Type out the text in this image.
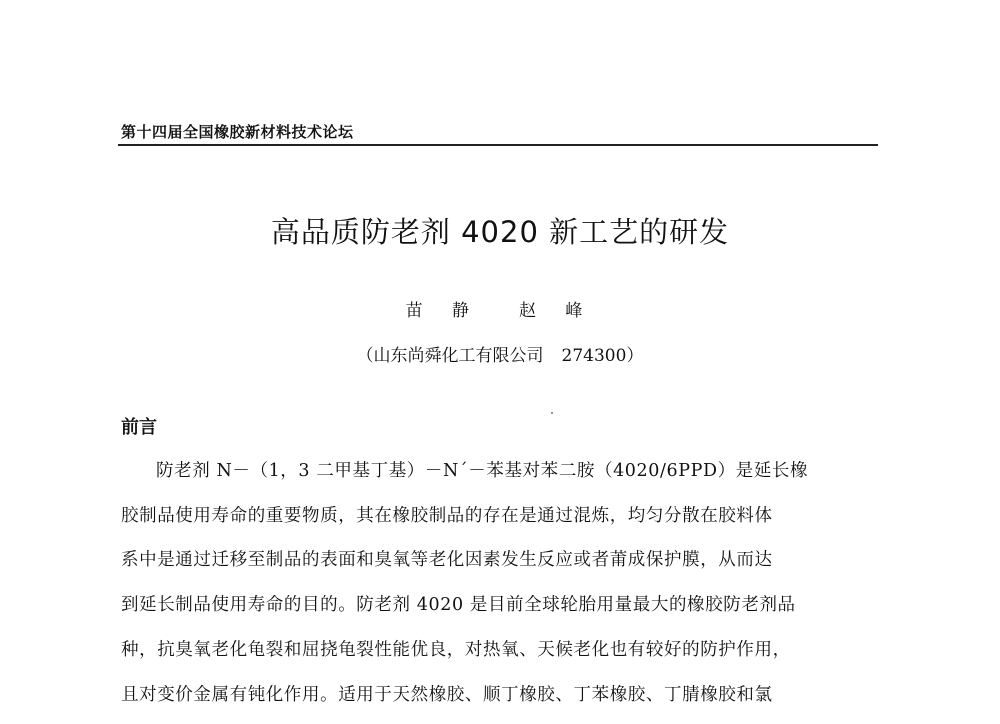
第十四届全国橡胶新材料技术论坛
高品质防老剂 4020 新工艺的研发
苗 静 赵 峰
（山东尚舜化工有限公司 274300）
前言
防老剂 N－（1，3 二甲基丁基）－N´－苯基对苯二胺（4020/6PPD）是延长橡
胶制品使用寿命的重要物质，其在橡胶制品的存在是通过混炼，均匀分散在胶料体
系中是通过迁移至制品的表面和臭氧等老化因素发生反应或者莆成保护膜，从而达
到延长制品使用寿命的目的。防老剂 4020 是目前全球轮胎用量最大的橡胶防老剂品
种，抗臭氧老化龟裂和屈挠龟裂性能优良，对热氧、天候老化也有较好的防护作用，
且对变价金属有钝化作用。适用于天然橡胶、顺丁橡胶、丁苯橡胶、丁腈橡胶和氯
